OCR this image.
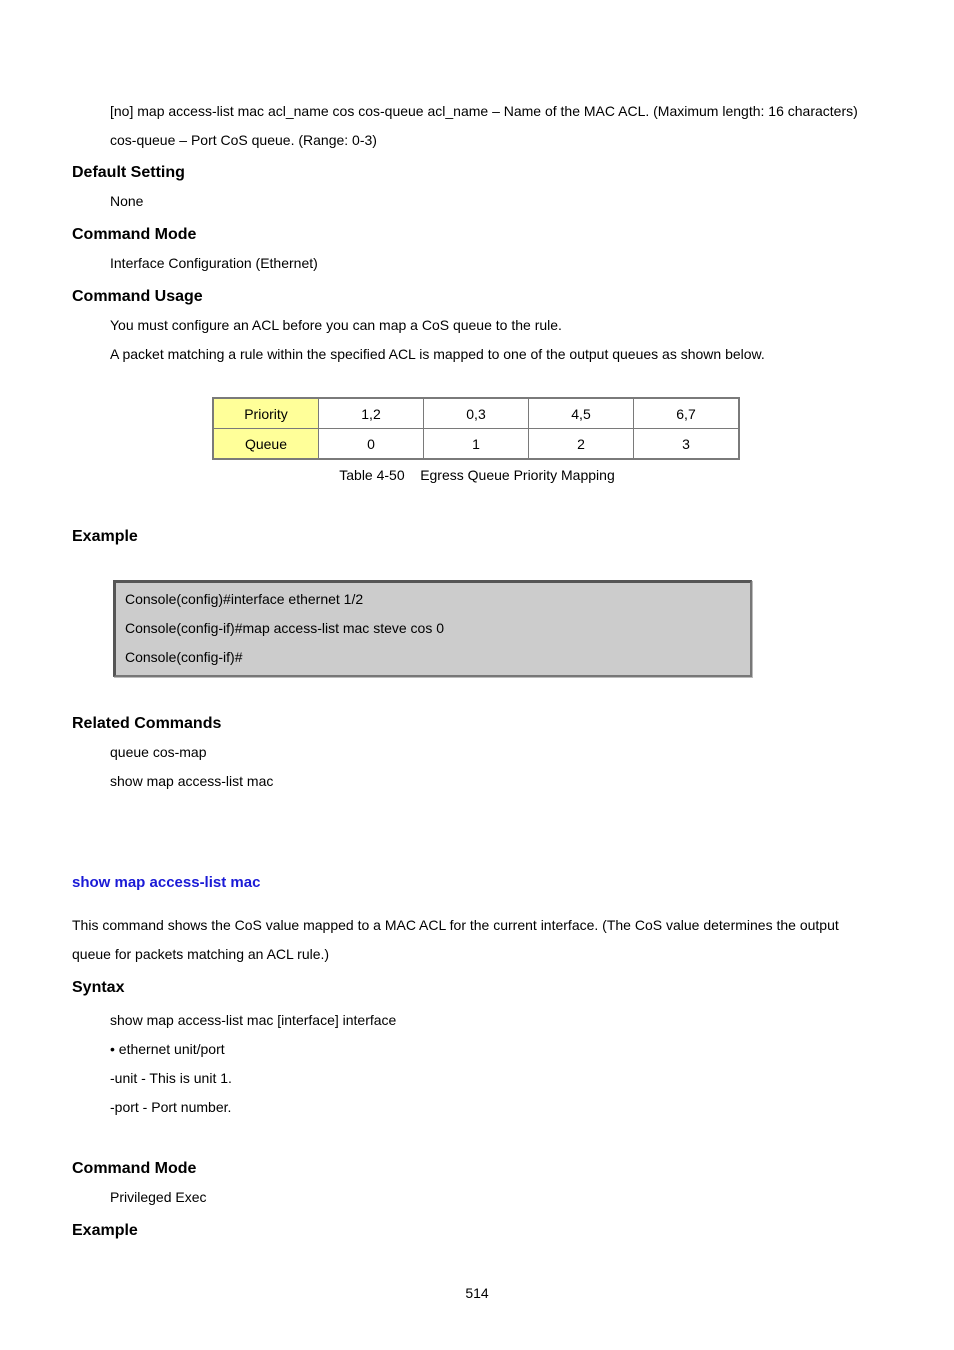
[no] map access-list mac acl_name cos cos-queue acl_name – Name of the MAC ACL. (Maximum length: 16 characters)
cos-queue – Port CoS queue. (Range: 0-3)
Default Setting
None
Command Mode
Interface Configuration (Ethernet)
Command Usage
You must configure an ACL before you can map a CoS queue to the rule.
A packet matching a rule within the specified ACL is mapped to one of the output queues as shown below.
Priority	1,2	0,3	4,5	6,7
Queue	0	1	2	3
Table 4-50    Egress Queue Priority Mapping
Example
Console(config)#interface ethernet 1/2
Console(config-if)#map access-list mac steve cos 0
Console(config-if)#
Related Commands
queue cos-map
show map access-list mac
show map access-list mac
This command shows the CoS value mapped to a MAC ACL for the current interface. (The CoS value determines the output
queue for packets matching an ACL rule.)
Syntax
show map access-list mac [interface] interface
• ethernet unit/port
-unit - This is unit 1.
-port - Port number.
Command Mode
Privileged Exec
Example
514
